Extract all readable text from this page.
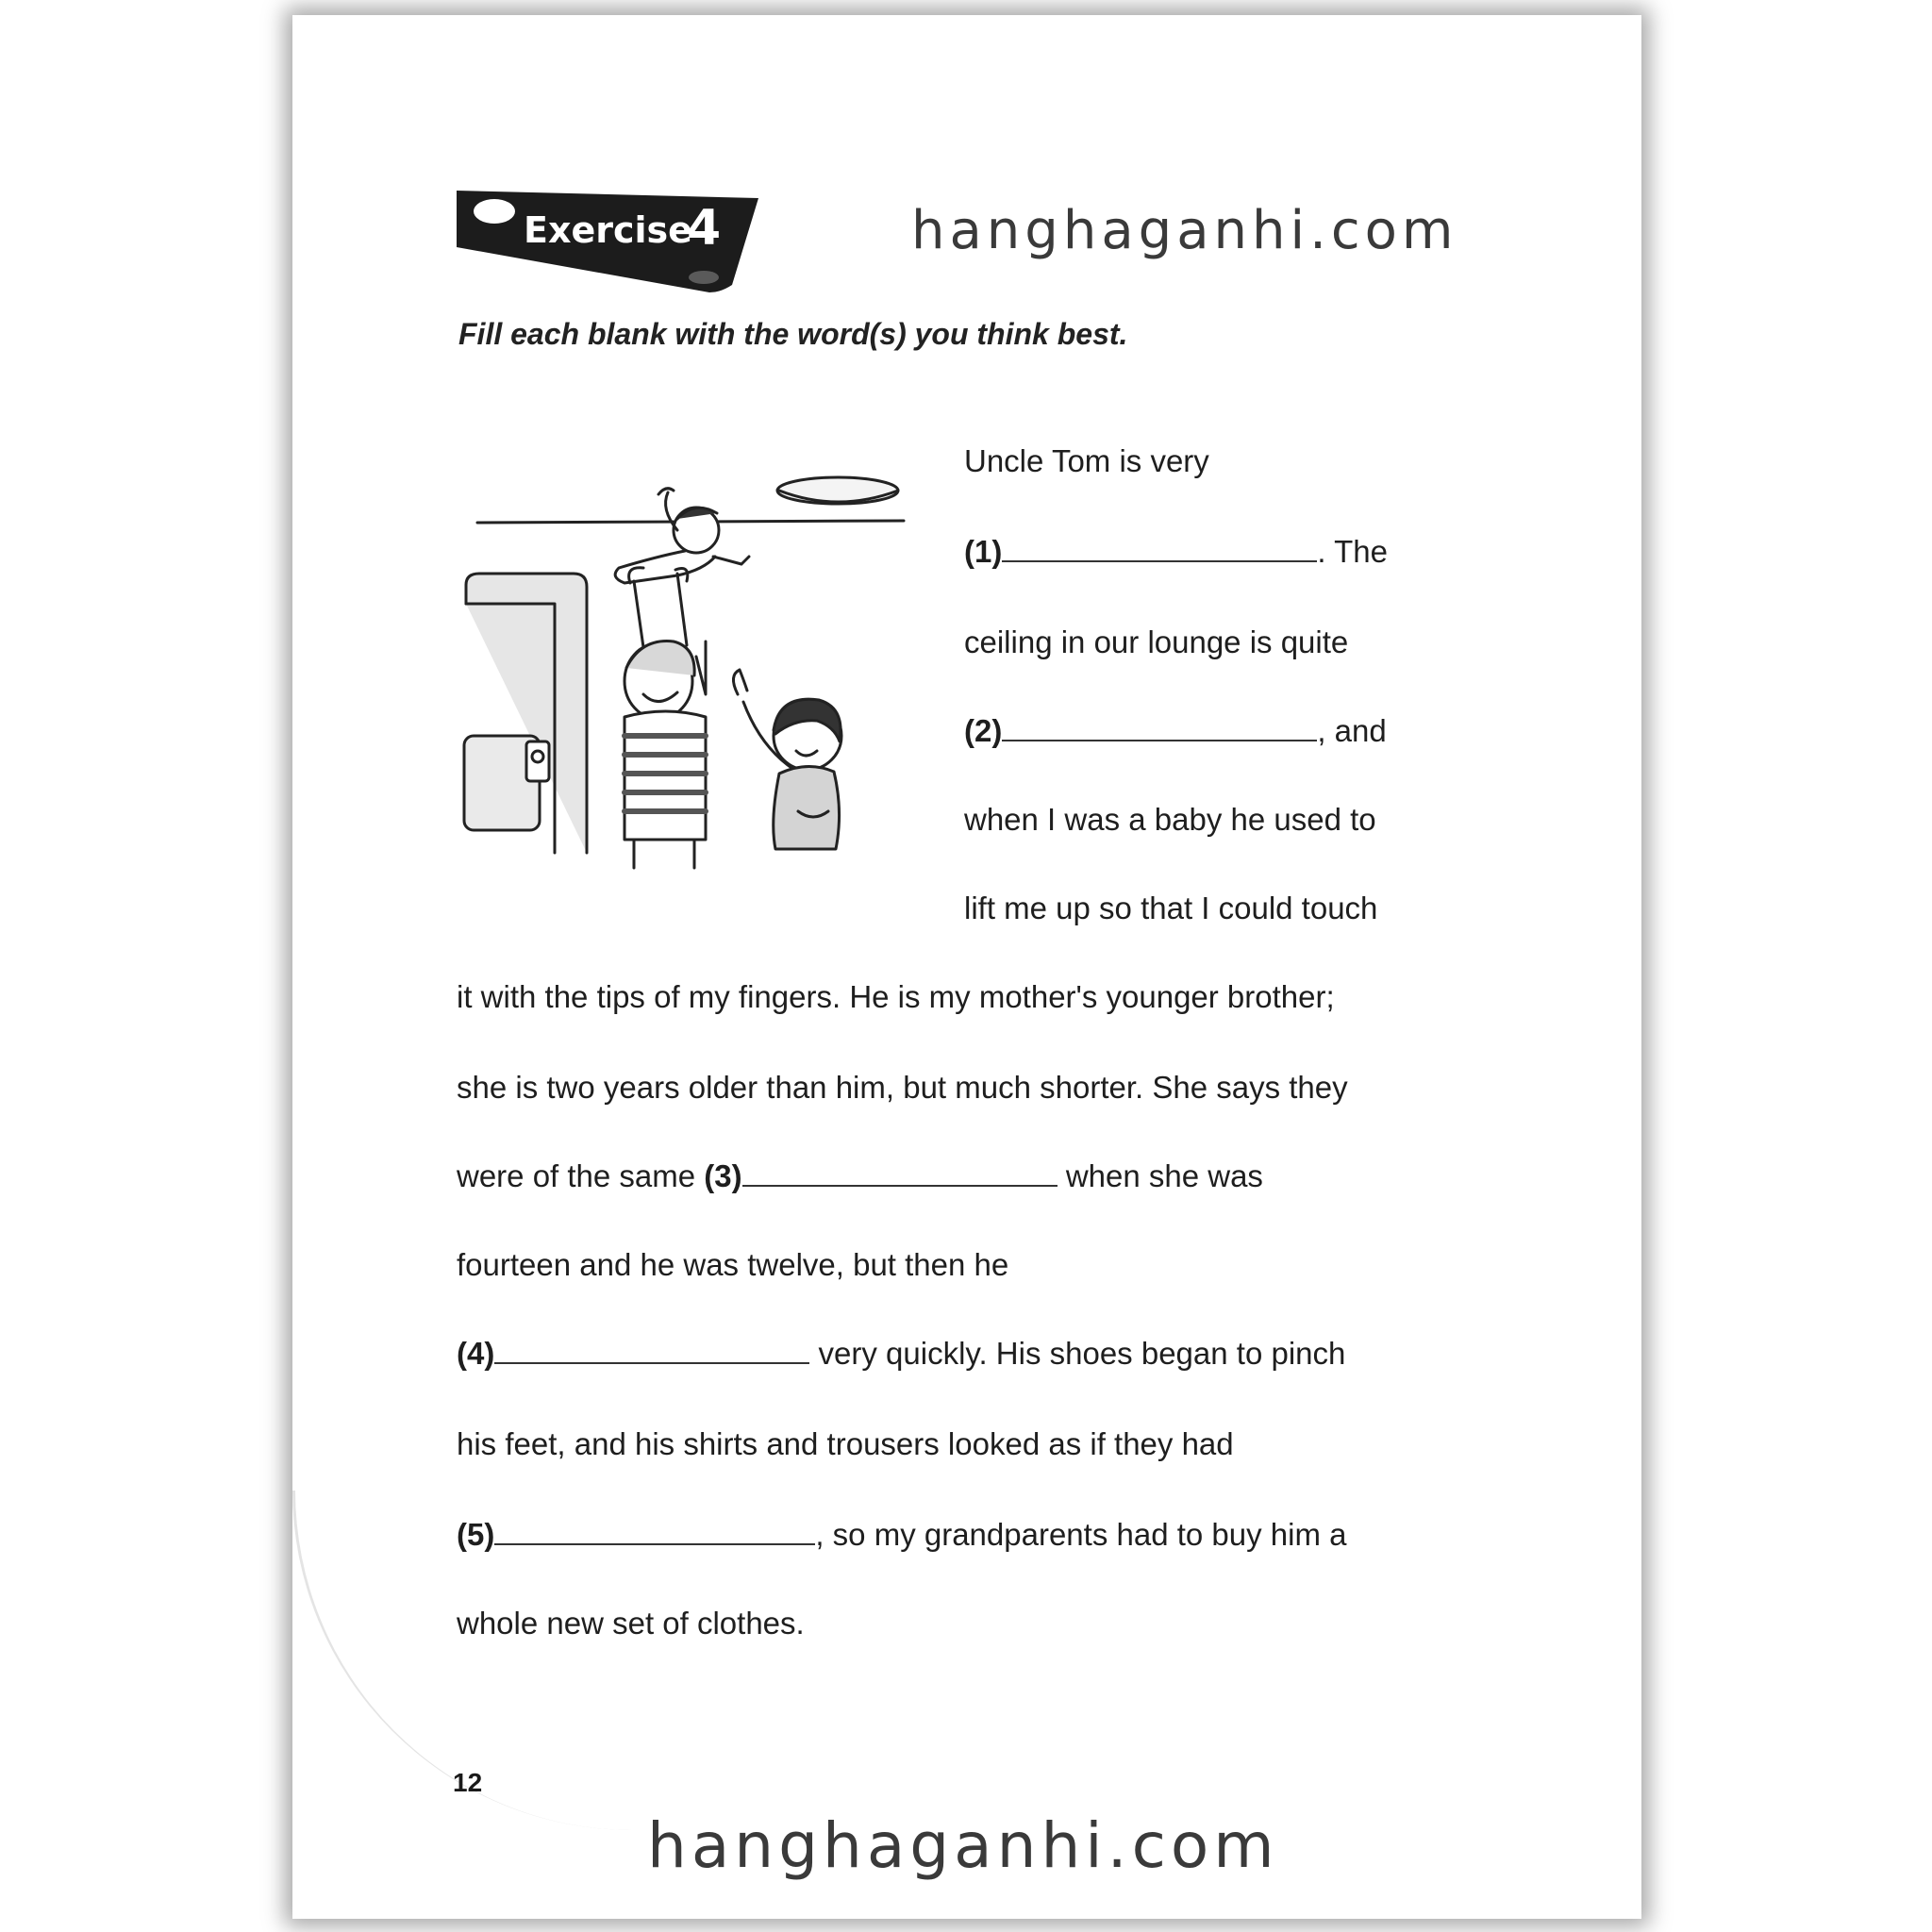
Exercise
4	hanghaganhi.com
Fill each blank with the word(s) you think best.
Uncle Tom is very
(1)	. The
ceiling in our lounge is quite
(2)	, and
when I was a baby he used to
lift me up so that I could touch
it with the tips of my fingers. He is my mother's younger brother;
she is two years older than him, but much shorter. She says they
were of the same (3)	when she was
fourteen and he was twelve, but then he
(4)	very quickly. His shoes began to pinch
his feet, and his shirts and trousers looked as if they had
(5)	, so my grandparents had to buy him a
whole new set of clothes.
12
hanghaganhi.com
